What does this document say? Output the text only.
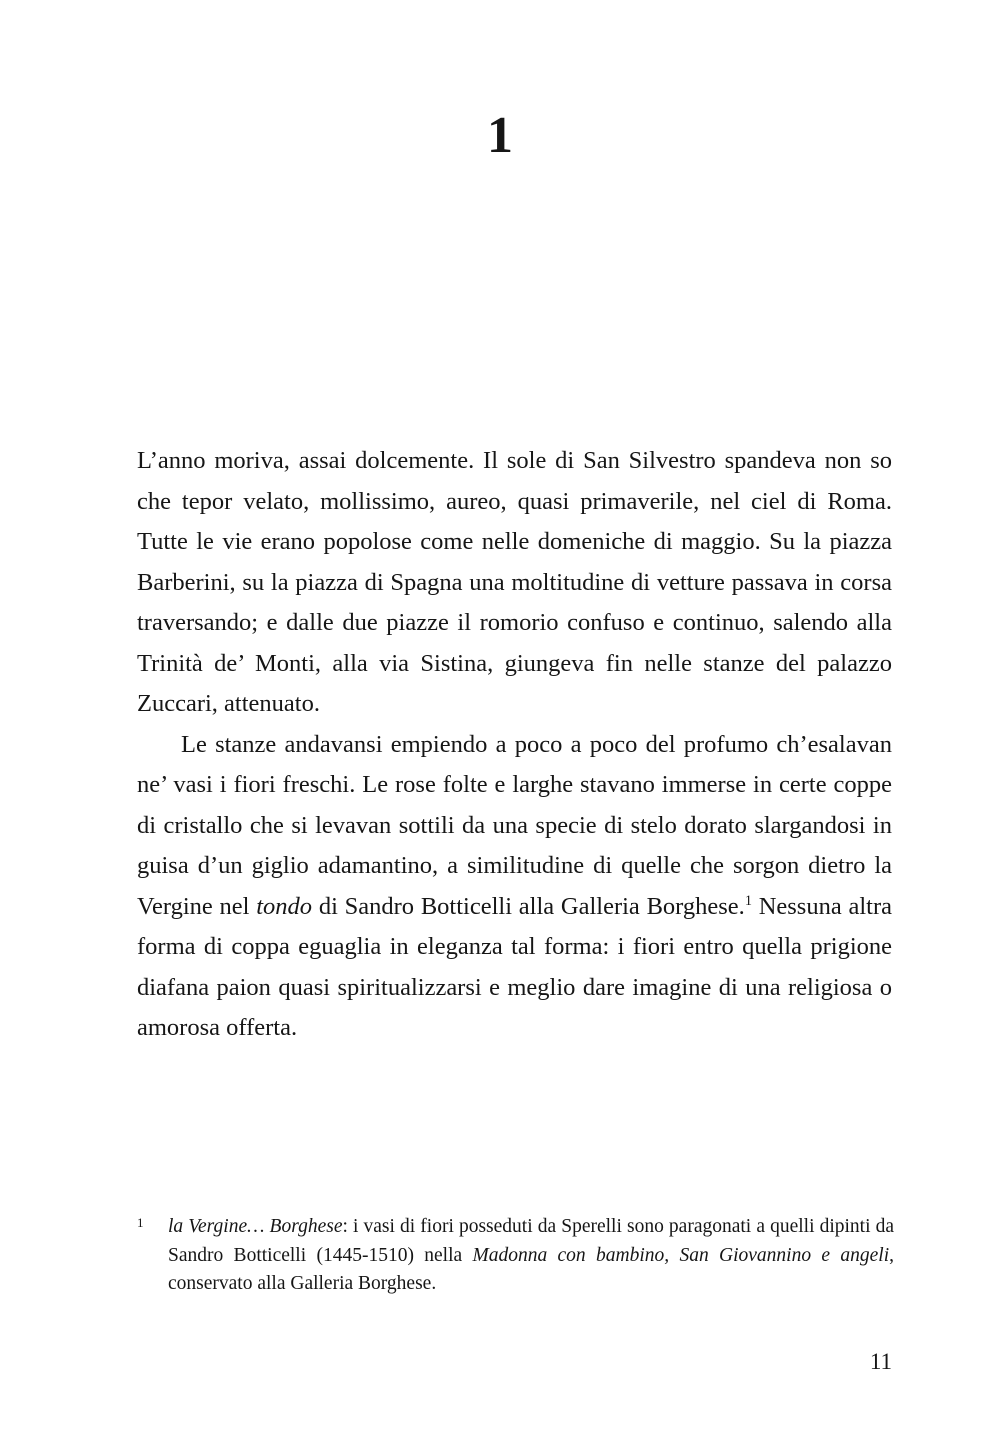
1

L’anno moriva, assai dolcemente. Il sole di San Silvestro spandeva non so che tepor velato, mollissimo, aureo, quasi primaverile, nel ciel di Roma. Tutte le vie erano popolose come nelle domeniche di maggio. Su la piazza Barberini, su la piazza di Spagna una moltitudine di vetture passava in corsa traversando; e dalle due piazze il romorio confuso e continuo, salendo alla Trinità de’ Monti, alla via Sistina, giungeva fin nelle stanze del palazzo Zuccari, attenuato.

Le stanze andavansi empiendo a poco a poco del profumo ch’esalavan ne’ vasi i fiori freschi. Le rose folte e larghe stavano immerse in certe coppe di cristallo che si levavan sottili da una specie di stelo dorato slargandosi in guisa d’un giglio adamantino, a similitudine di quelle che sorgon dietro la Vergine nel tondo di Sandro Botticelli alla Galleria Borghese.$^1$ Nessuna altra forma di coppa eguaglia in eleganza tal forma: i fiori entro quella prigione diafana paion quasi spiritualizzarsi e meglio dare imagine di una religiosa o amorosa offerta.

1 la Vergine… Borghese: i vasi di fiori posseduti da Sperelli sono paragonati a quelli dipinti da Sandro Botticelli (1445-1510) nella Madonna con bambino, San Giovannino e angeli, conservato alla Galleria Borghese.
11
